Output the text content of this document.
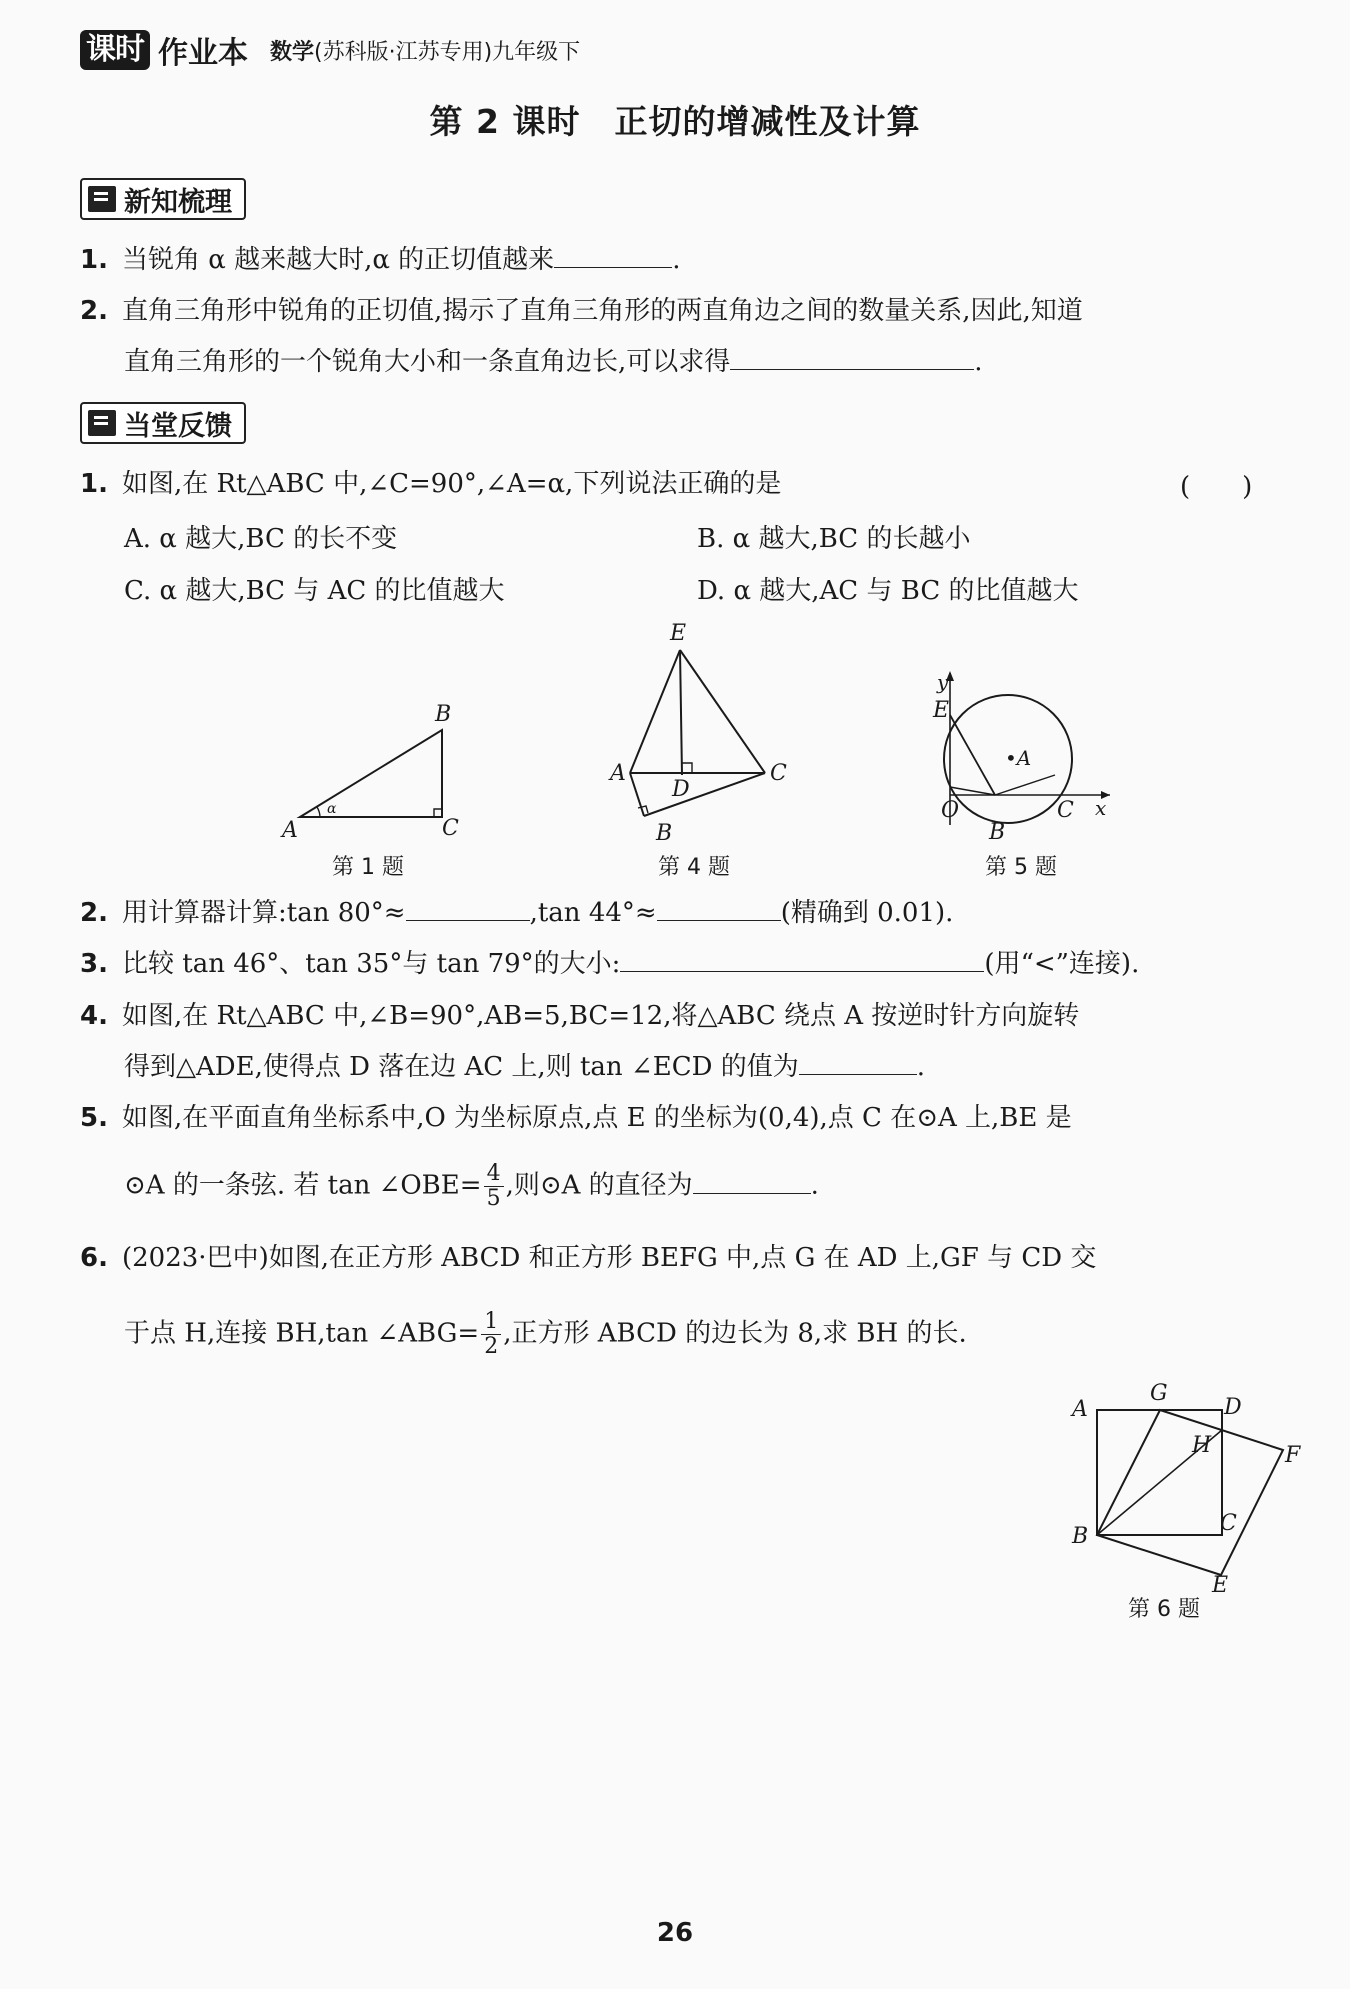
课时 作业本 数学(苏科版·江苏专用)九年级下
第 2 课时　正切的增减性及计算
新知梳理
1. 当锐角 α 越来越大时,α 的正切值越来	.
2. 直角三角形中锐角的正切值,揭示了直角三角形的两直角边之间的数量关系,因此,知道
直角三角形的一个锐角大小和一条直角边长,可以求得	.
当堂反馈
1. 如图,在 Rt△ABC 中,∠C=90°,∠A=α,下列说法正确的是	(　　)
A. α 越大,BC 的长不变	B. α 越大,BC 的长越小
C. α 越大,BC 与 AC 的比值越大	D. α 越大,AC 与 BC 的比值越大
α
A
B
C
第 1 题
E
A
D
C
B
第 4 题
y
E
•A
O
B
C x
第 5 题
2. 用计算器计算:tan 80°≈	,tan 44°≈	(精确到 0.01).
3. 比较 tan 46°、tan 35°与 tan 79°的大小:	(用“<”连接).
4. 如图,在 Rt△ABC 中,∠B=90°,AB=5,BC=12,将△ABC 绕点 A 按逆时针方向旋转
得到△ADE,使得点 D 落在边 AC 上,则 tan ∠ECD 的值为	.
5. 如图,在平面直角坐标系中,O 为坐标原点,点 E 的坐标为(0,4),点 C 在⊙A 上,BE 是
⊙A 的一条弦. 若 tan ∠OBE= $\frac{4}{5}$ ,则⊙A 的直径为	.
6. (2023·巴中)如图,在正方形 ABCD 和正方形 BEFG 中,点 G 在 AD 上,GF 与 CD 交
于点 H,连接 BH,tan ∠ABG= $\frac{1}{2}$ ,正方形 ABCD 的边长为 8,求 BH 的长.
A
G
D
H	F
B
C
E
第 6 题
26
